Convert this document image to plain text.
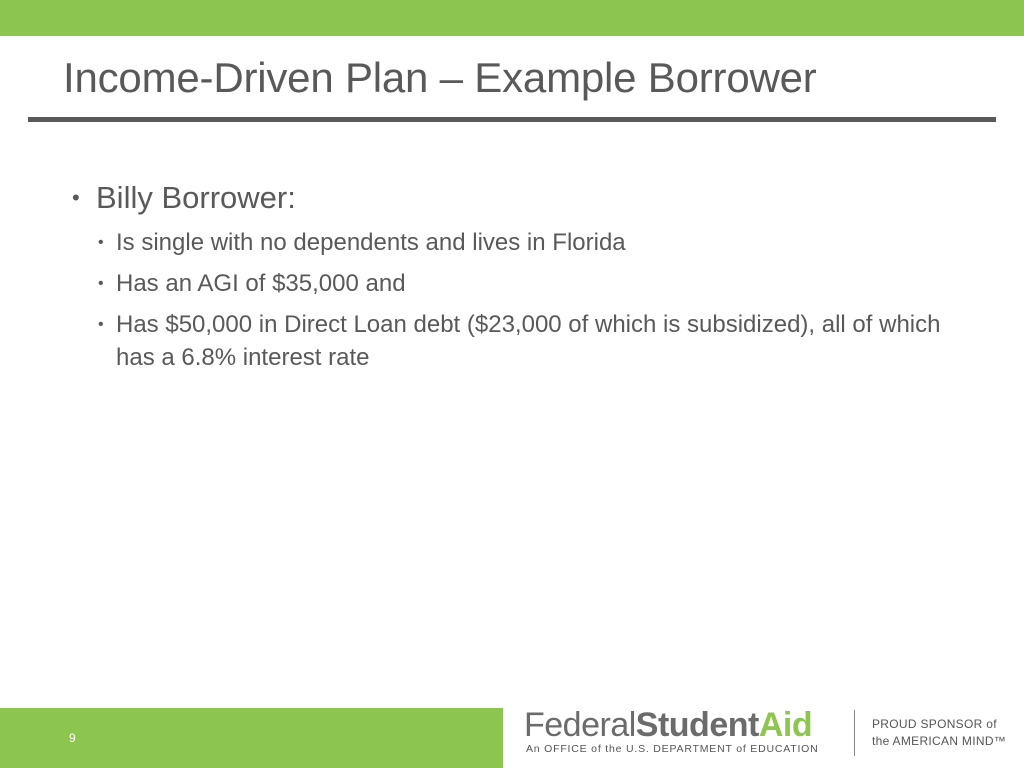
Income-Driven Plan – Example Borrower
• Billy Borrower:
• Is single with no dependents and lives in Florida
• Has an AGI of $35,000 and
• Has $50,000 in Direct Loan debt ($23,000 of which is subsidized), all of which has a 6.8% interest rate
9	FederalStudentAid
An OFFICE of the U.S. DEPARTMENT of EDUCATION
PROUD SPONSOR of
the AMERICAN MIND™
